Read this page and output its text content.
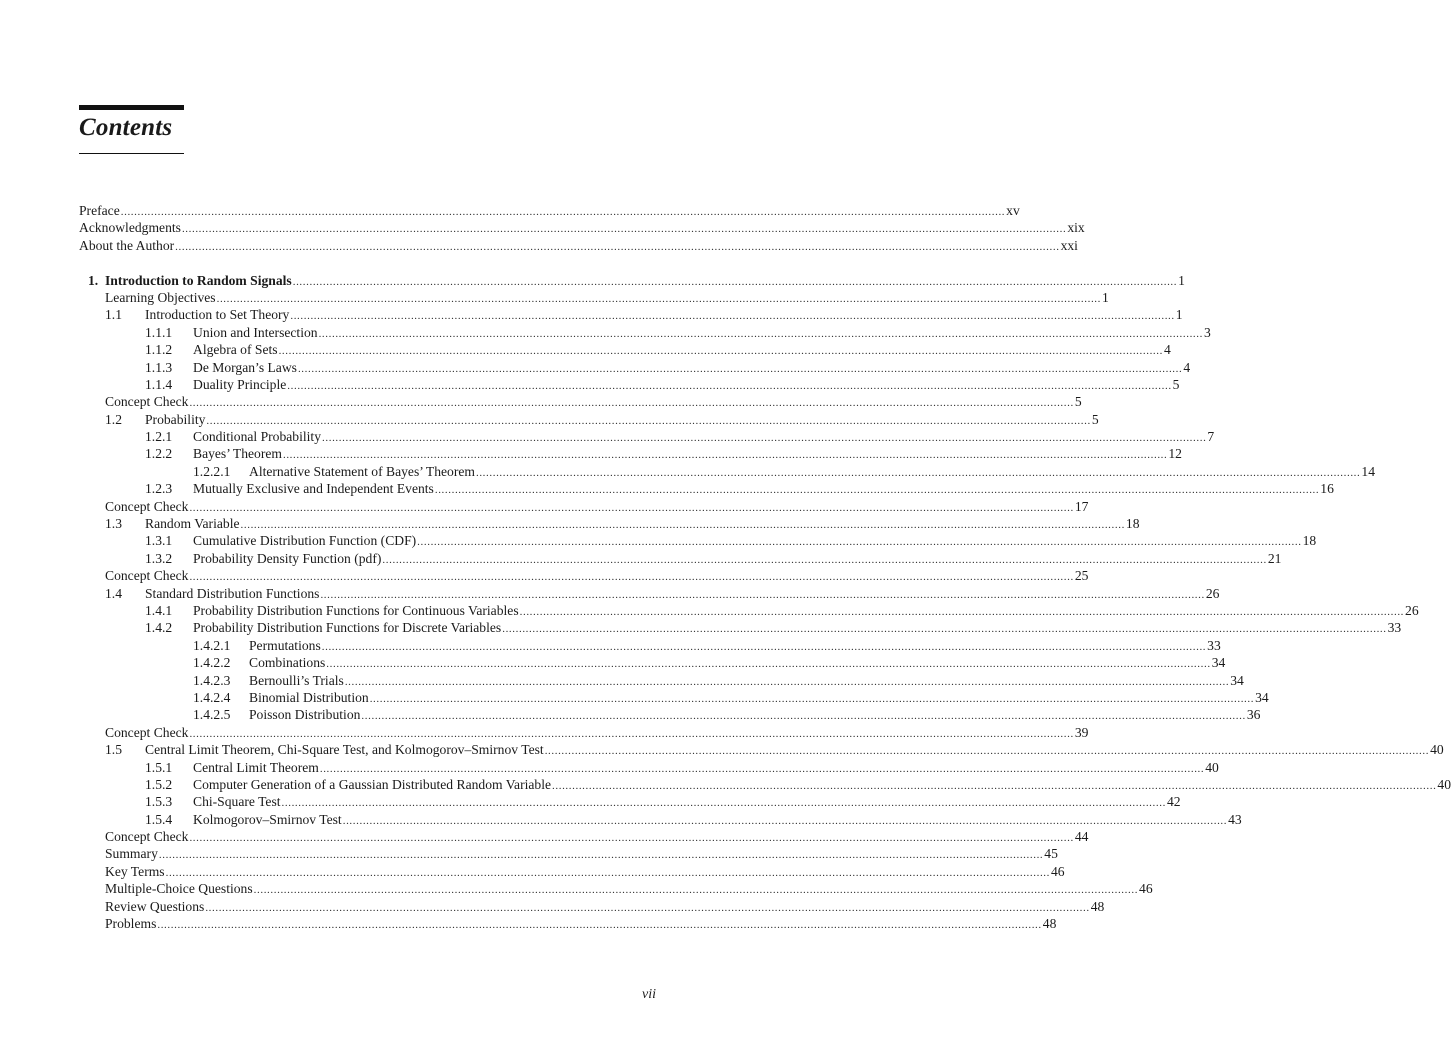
Contents
Preface .....	xv
Acknowledgments .....	xix
About the Author .....	xxi
1. Introduction to Random Signals .....	1
Learning Objectives .....	1
1.1 Introduction to Set Theory .....	1
1.1.1 Union and Intersection .....	3
1.1.2 Algebra of Sets .....	4
1.1.3 De Morgan’s Laws .....	4
1.1.4 Duality Principle .....	5
Concept Check .....	5
1.2 Probability .....	5
1.2.1 Conditional Probability .....	7
1.2.2 Bayes’ Theorem .....	12
1.2.2.1 Alternative Statement of Bayes’ Theorem .....	14
1.2.3 Mutually Exclusive and Independent Events .....	16
Concept Check .....	17
1.3 Random Variable .....	18
1.3.1 Cumulative Distribution Function (CDF) .....	18
1.3.2 Probability Density Function (pdf) .....	21
Concept Check .....	25
1.4 Standard Distribution Functions .....	26
1.4.1 Probability Distribution Functions for Continuous Variables .....	26
1.4.2 Probability Distribution Functions for Discrete Variables .....	33
1.4.2.1 Permutations .....	33
1.4.2.2 Combinations .....	34
1.4.2.3 Bernoulli’s Trials .....	34
1.4.2.4 Binomial Distribution .....	34
1.4.2.5 Poisson Distribution .....	36
Concept Check .....	39
1.5 Central Limit Theorem, Chi-Square Test, and Kolmogorov–Smirnov Test .....	40
1.5.1 Central Limit Theorem .....	40
1.5.2 Computer Generation of a Gaussian Distributed Random Variable .....	40
1.5.3 Chi-Square Test .....	42
1.5.4 Kolmogorov–Smirnov Test .....	43
Concept Check .....	44
Summary .....	45
Key Terms .....	46
Multiple-Choice Questions .....	46
Review Questions .....	48
Problems .....	48
vii
